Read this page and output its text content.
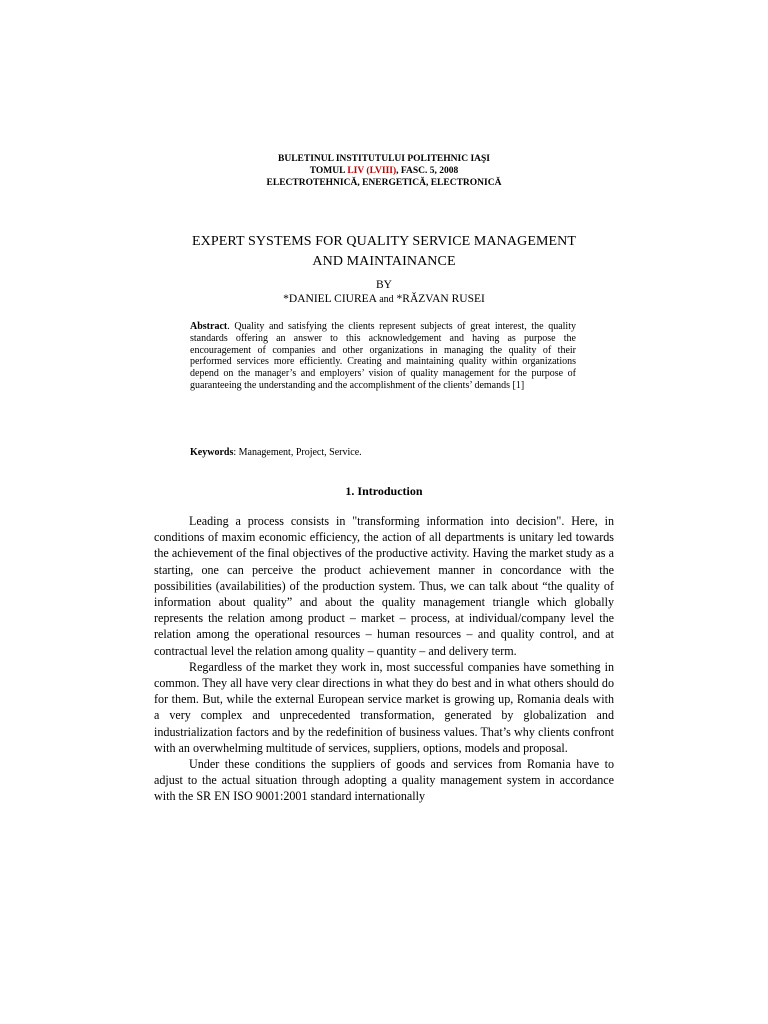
BULETINUL INSTITUTULUI POLITEHNIC IAŞI
TOMUL LIV (LVIII), FASC. 5, 2008
ELECTROTEHNICĂ, ENERGETICĂ, ELECTRONICĂ
EXPERT SYSTEMS FOR QUALITY SERVICE MANAGEMENT
AND MAINTAINANCE
BY
*DANIEL CIUREA and *RĂZVAN RUSEI
Abstract. Quality and satisfying the clients represent subjects of great interest, the quality standards offering an answer to this acknowledgement and having as purpose the encouragement of companies and other organizations in managing the quality of their performed services more efficiently. Creating and maintaining quality within organizations depend on the manager’s and employers’ vision of quality management for the purpose of guaranteeing the understanding and the accomplishment of the clients’ demands [1]
Keywords: Management, Project, Service.
1. Introduction

Leading a process consists in "transforming information into decision". Here, in conditions of maxim economic efficiency, the action of all departments is unitary led towards the achievement of the final objectives of the productive activity. Having the market study as a starting, one can perceive the product achievement manner in concordance with the possibilities (availabilities) of the production system. Thus, we can talk about “the quality of information about quality” and about the quality management triangle which globally represents the relation among product – market – process, at individual/company level the relation among the operational resources – human resources – and quality control, and at contractual level the relation among quality – quantity – and delivery term.

Regardless of the market they work in, most successful companies have something in common. They all have very clear directions in what they do best and in what others should do for them. But, while the external European service market is growing up, Romania deals with a very complex and unprecedented transformation, generated by globalization and industrialization factors and by the redefinition of business values. That’s why clients confront with an overwhelming multitude of services, suppliers, options, models and proposal.

Under these conditions the suppliers of goods and services from Romania have to adjust to the actual situation through adopting a quality management system in accordance with the SR EN ISO 9001:2001 standard internationally
